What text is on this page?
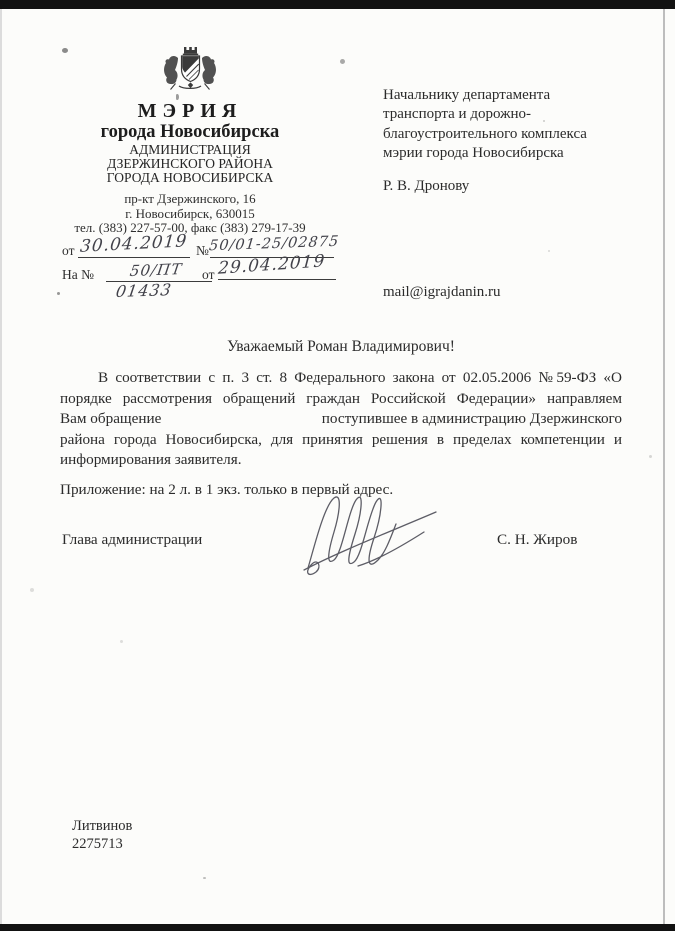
МЭРИЯ
города Новосибирска
АДМИНИСТРАЦИЯ
ДЗЕРЖИНСКОГО РАЙОНА
ГОРОДА НОВОСИБИРСКА
пр-кт Дзержинского, 16
г. Новосибирск, 630015
тел. (383) 227-57-00, факс (383) 279-17-39
от 30.04.2019 № 50/01-25/02875
На № 50/ПТ
01433
от 29.04.2019
Начальнику департамента
транспорта и дорожно-
благоустроительного комплекса
мэрии города Новосибирска
Р. В. Дронову
mail@igrajdanin.ru
Уважаемый Роман Владимирович!
В соответствии с п. 3 ст. 8 Федерального закона от 02.05.2006 №59-ФЗ «О
порядке рассмотрения обращений граждан Российской Федерации» направляем
Вам обращение	поступившее в администрацию Дзержинского
района города Новосибирска, для принятия решения в пределах компетенции и
информирования заявителя.
Приложение: на 2 л. в 1 экз. только в первый адрес.
Глава администрации	С. Н. Жиров
Литвинов
2275713
